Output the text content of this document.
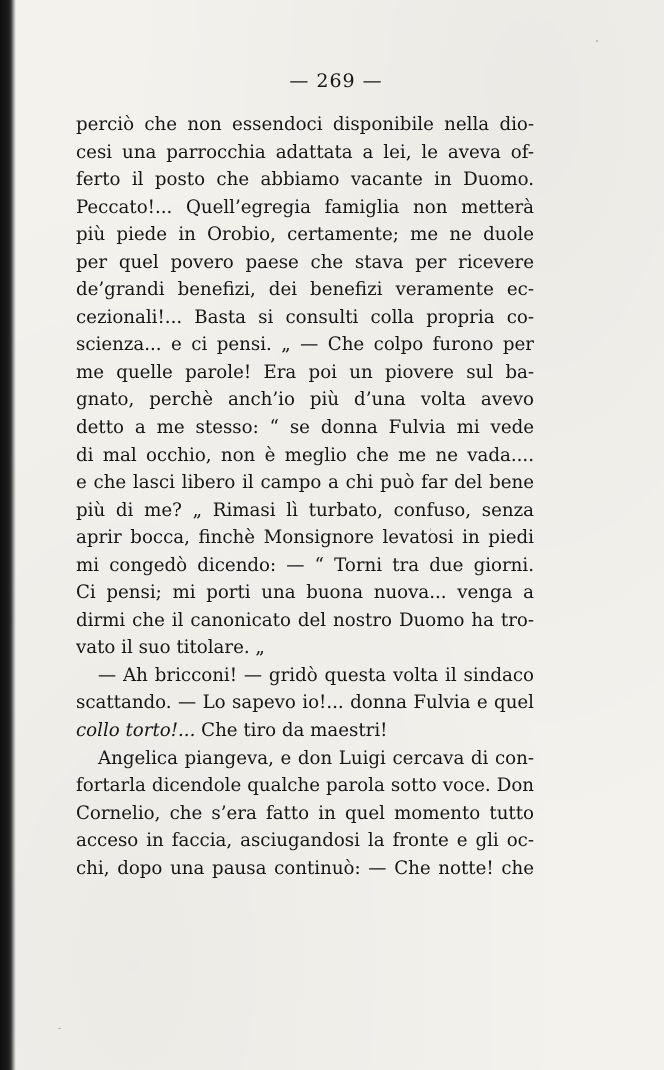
— 269 —
perciò che non essendoci disponibile nella dio-
cesi una parrocchia adattata a lei, le aveva of-
ferto il posto che abbiamo vacante in Duomo.
Peccato!... Quell’egregia famiglia non metterà
più piede in Orobio, certamente; me ne duole
per quel povero paese che stava per ricevere
de’grandi benefizi, dei benefizi veramente ec-
cezionali!... Basta si consulti colla propria co-
scienza... e ci pensi. „ — Che colpo furono per
me quelle parole! Era poi un piovere sul ba-
gnato, perchè anch’io più d’una volta avevo
detto a me stesso: “ se donna Fulvia mi vede
di mal occhio, non è meglio che me ne vada....
e che lasci libero il campo a chi può far del bene
più di me? „ Rimasi lì turbato, confuso, senza
aprir bocca, finchè Monsignore levatosi in piedi
mi congedò dicendo: — “ Torni tra due giorni.
Ci pensi; mi porti una buona nuova... venga a
dirmi che il canonicato del nostro Duomo ha tro-
vato il suo titolare. „
— Ah bricconi! — gridò questa volta il sindaco
scattando. — Lo sapevo io!... donna Fulvia e quel
collo torto!... Che tiro da maestri!
Angelica piangeva, e don Luigi cercava di con-
fortarla dicendole qualche parola sotto voce. Don
Cornelio, che s’era fatto in quel momento tutto
acceso in faccia, asciugandosi la fronte e gli oc-
chi, dopo una pausa continuò: — Che notte! che
